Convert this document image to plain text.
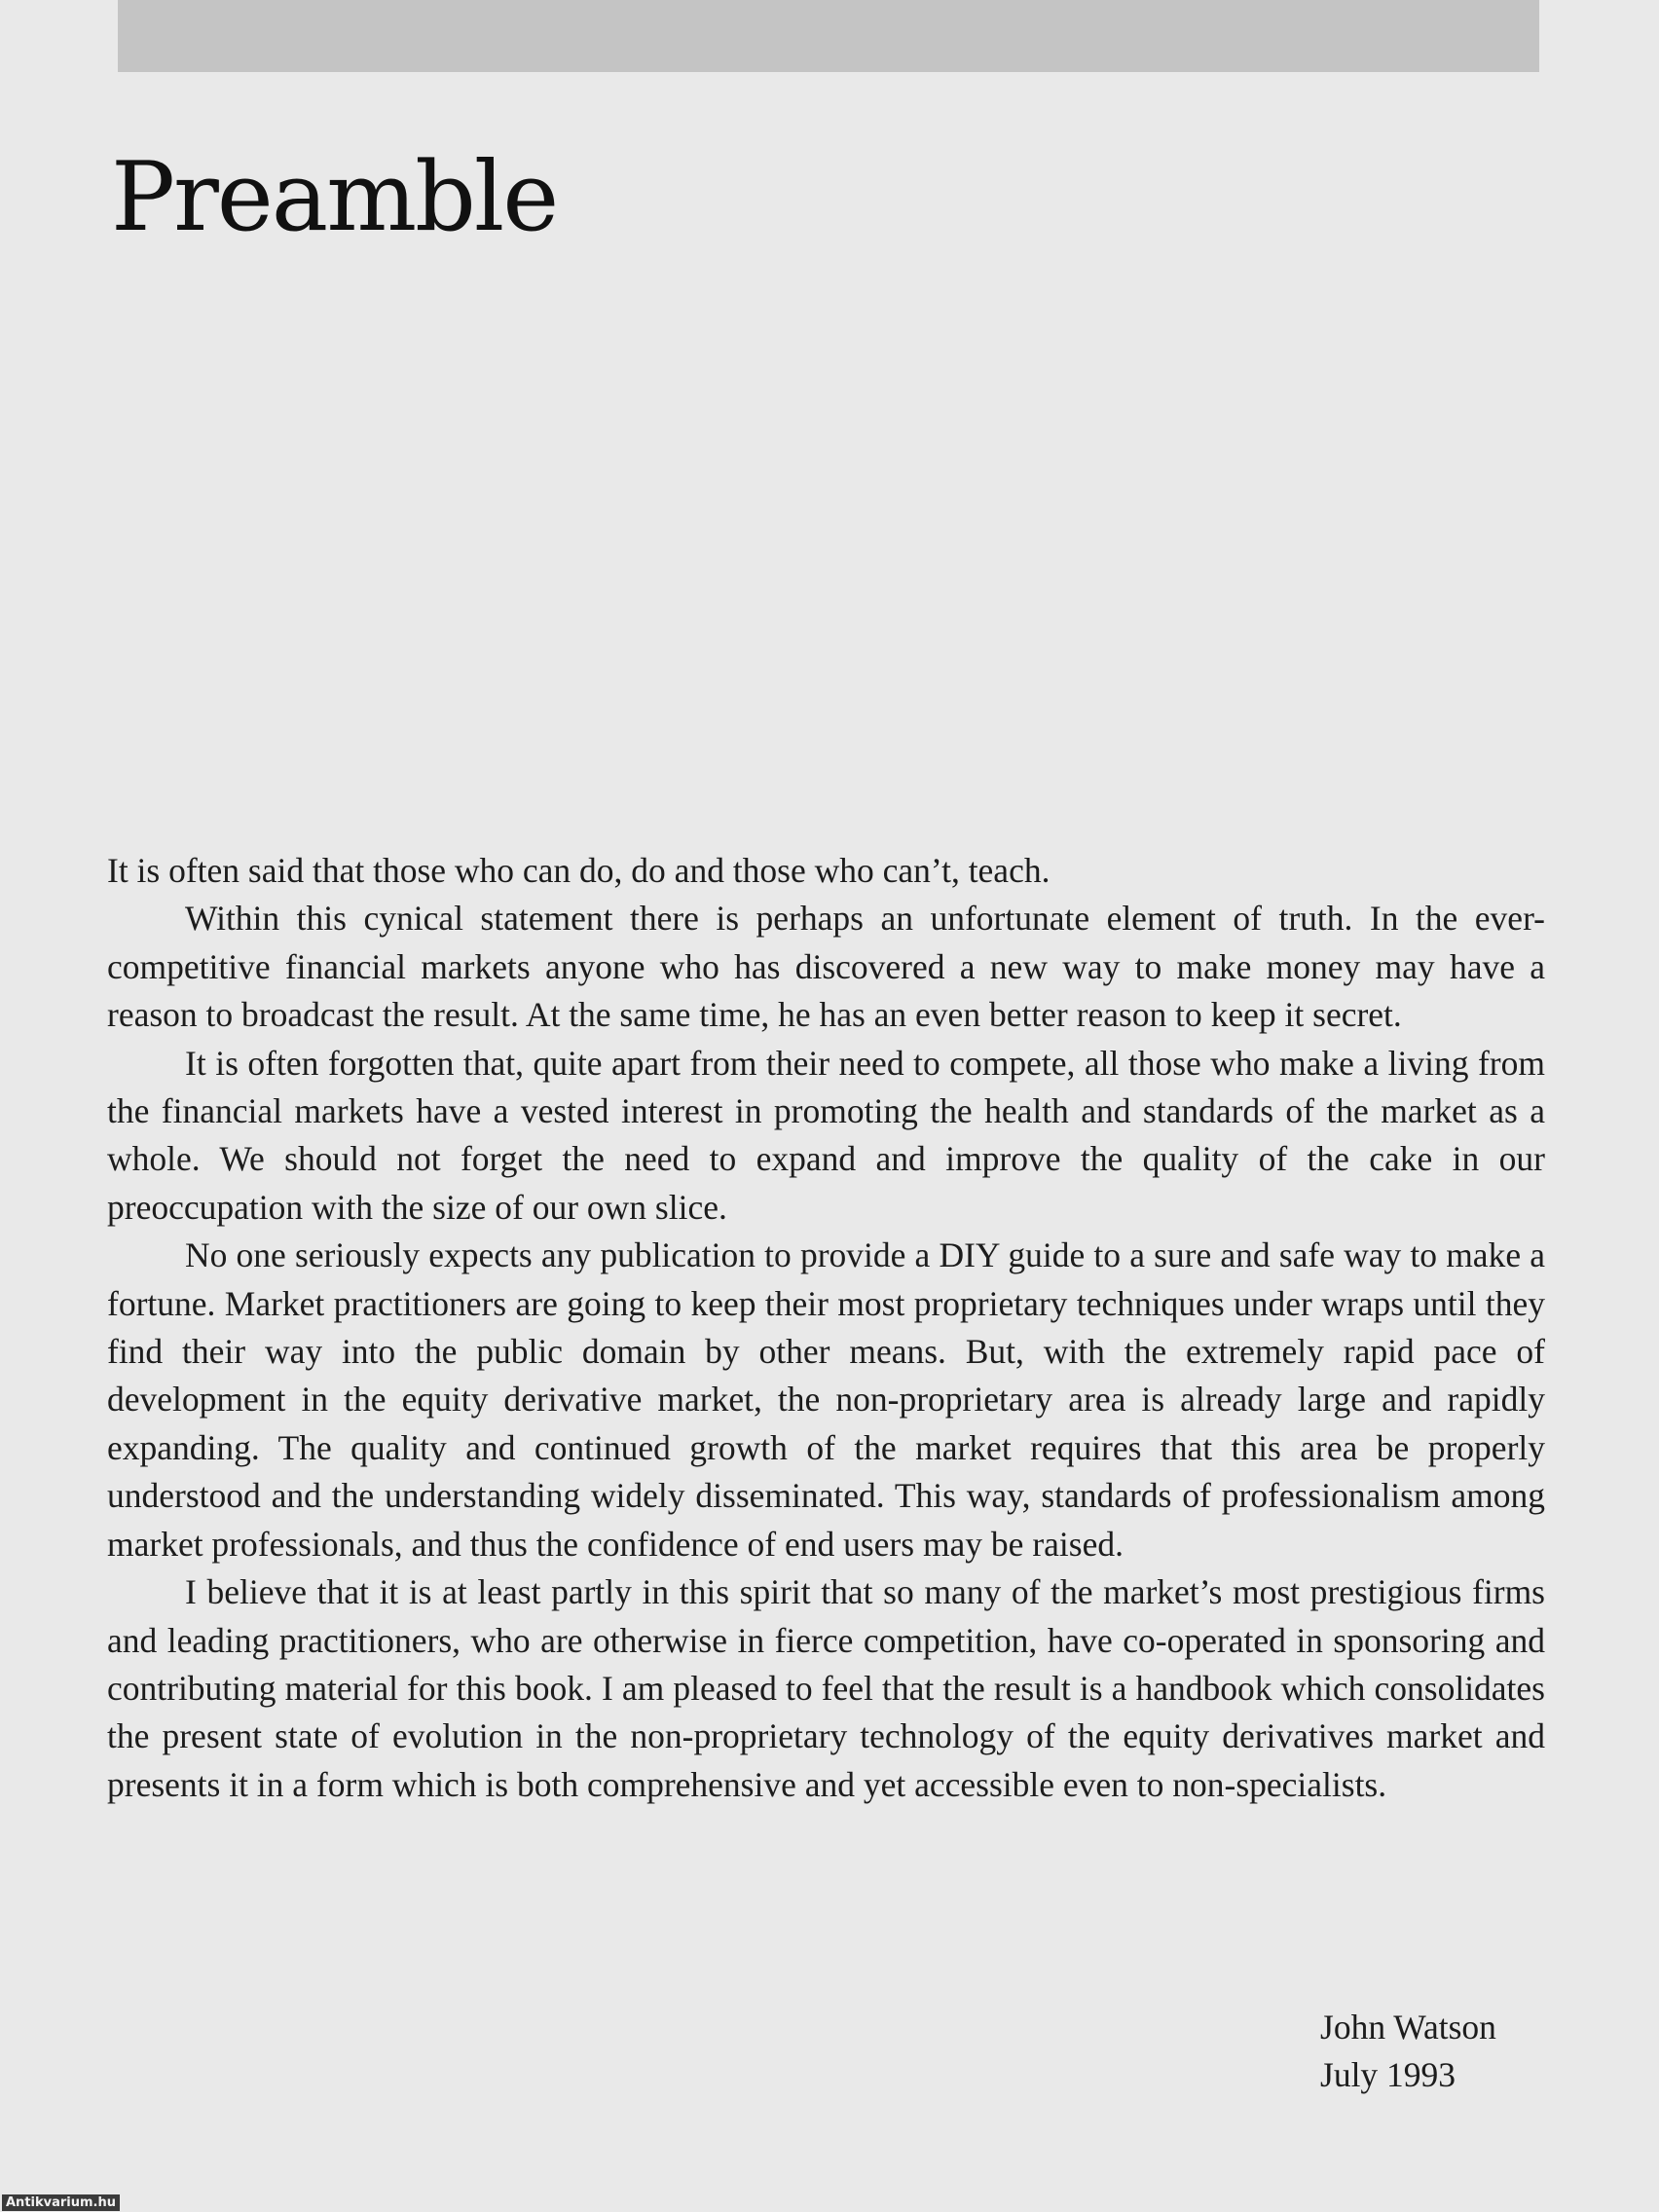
Preamble

It is often said that those who can do, do and those who can’t, teach.

Within this cynical statement there is perhaps an unfortunate element of truth. In the ever-competitive financial markets anyone who has discovered a new way to make money may have a reason to broadcast the result. At the same time, he has an even better reason to keep it secret.

It is often forgotten that, quite apart from their need to compete, all those who make a living from the financial markets have a vested interest in promoting the health and standards of the market as a whole. We should not forget the need to expand and improve the quality of the cake in our preoccupation with the size of our own slice.

No one seriously expects any publication to provide a DIY guide to a sure and safe way to make a fortune. Market practitioners are going to keep their most proprietary techniques under wraps until they find their way into the public domain by other means. But, with the extremely rapid pace of development in the equity derivative market, the non-proprietary area is already large and rapidly expanding. The quality and continued growth of the market requires that this area be properly understood and the understanding widely disseminated. This way, standards of professionalism among market professionals, and thus the confidence of end users may be raised.

I believe that it is at least partly in this spirit that so many of the market’s most prestigious firms and leading practitioners, who are otherwise in fierce competition, have co-operated in sponsoring and contributing material for this book. I am pleased to feel that the result is a handbook which consolidates the present state of evolution in the non-proprietary technology of the equity derivatives market and presents it in a form which is both comprehensive and yet accessible even to non-specialists.

John Watson
July 1993
Antikvarium.hu
